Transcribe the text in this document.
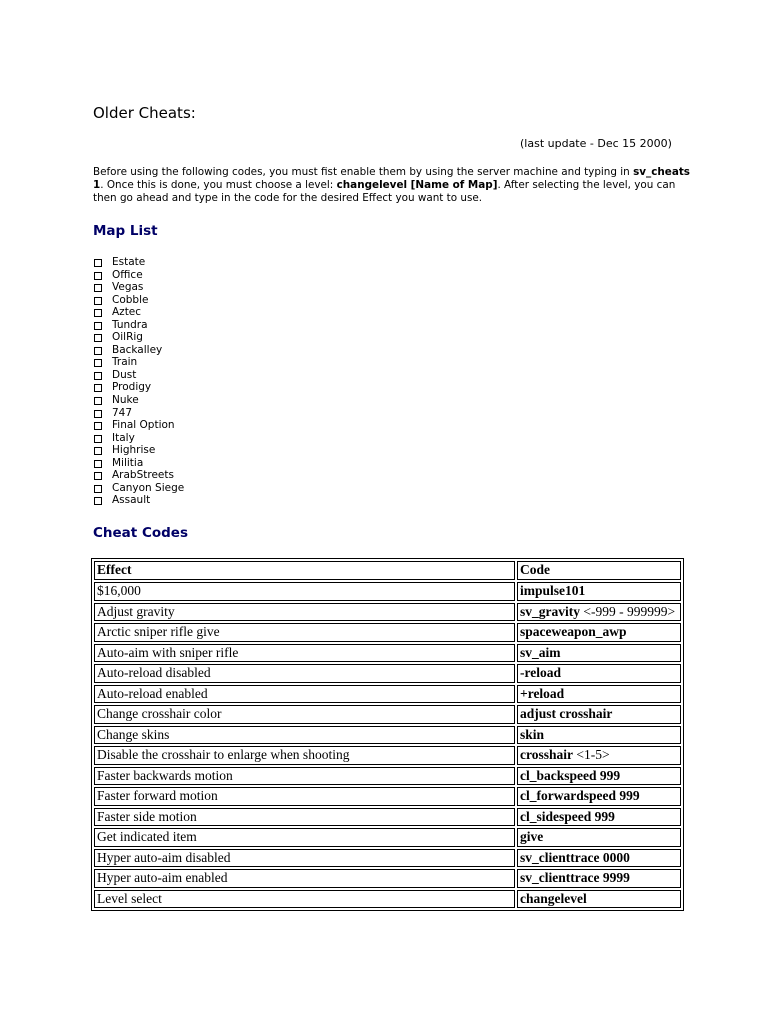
Older Cheats:
(last update - Dec 15 2000)

Before using the following codes, you must fist enable them by using the server machine and typing in sv_cheats 1. Once this is done, you must choose a level: changelevel [Name of Map]. After selecting the level, you can then go ahead and type in the code for the desired Effect you want to use.

Map List
Estate
Office
Vegas
Cobble
Aztec
Tundra
OilRig
Backalley
Train
Dust
Prodigy
Nuke
747
Final Option
Italy
Highrise
Militia
ArabStreets
Canyon Siege
Assault
Cheat Codes
Effect	Code
$16,000	impulse101
Adjust gravity	sv_gravity <-999 - 999999>
Arctic sniper rifle give	spaceweapon_awp
Auto-aim with sniper rifle	sv_aim
Auto-reload disabled	-reload
Auto-reload enabled	+reload
Change crosshair color	adjust crosshair
Change skins	skin
Disable the crosshair to enlarge when shooting	crosshair <1-5>
Faster backwards motion	cl_backspeed 999
Faster forward motion	cl_forwardspeed 999
Faster side motion	cl_sidespeed 999
Get indicated item	give
Hyper auto-aim disabled	sv_clienttrace 0000
Hyper auto-aim enabled	sv_clienttrace 9999
Level select	changelevel
